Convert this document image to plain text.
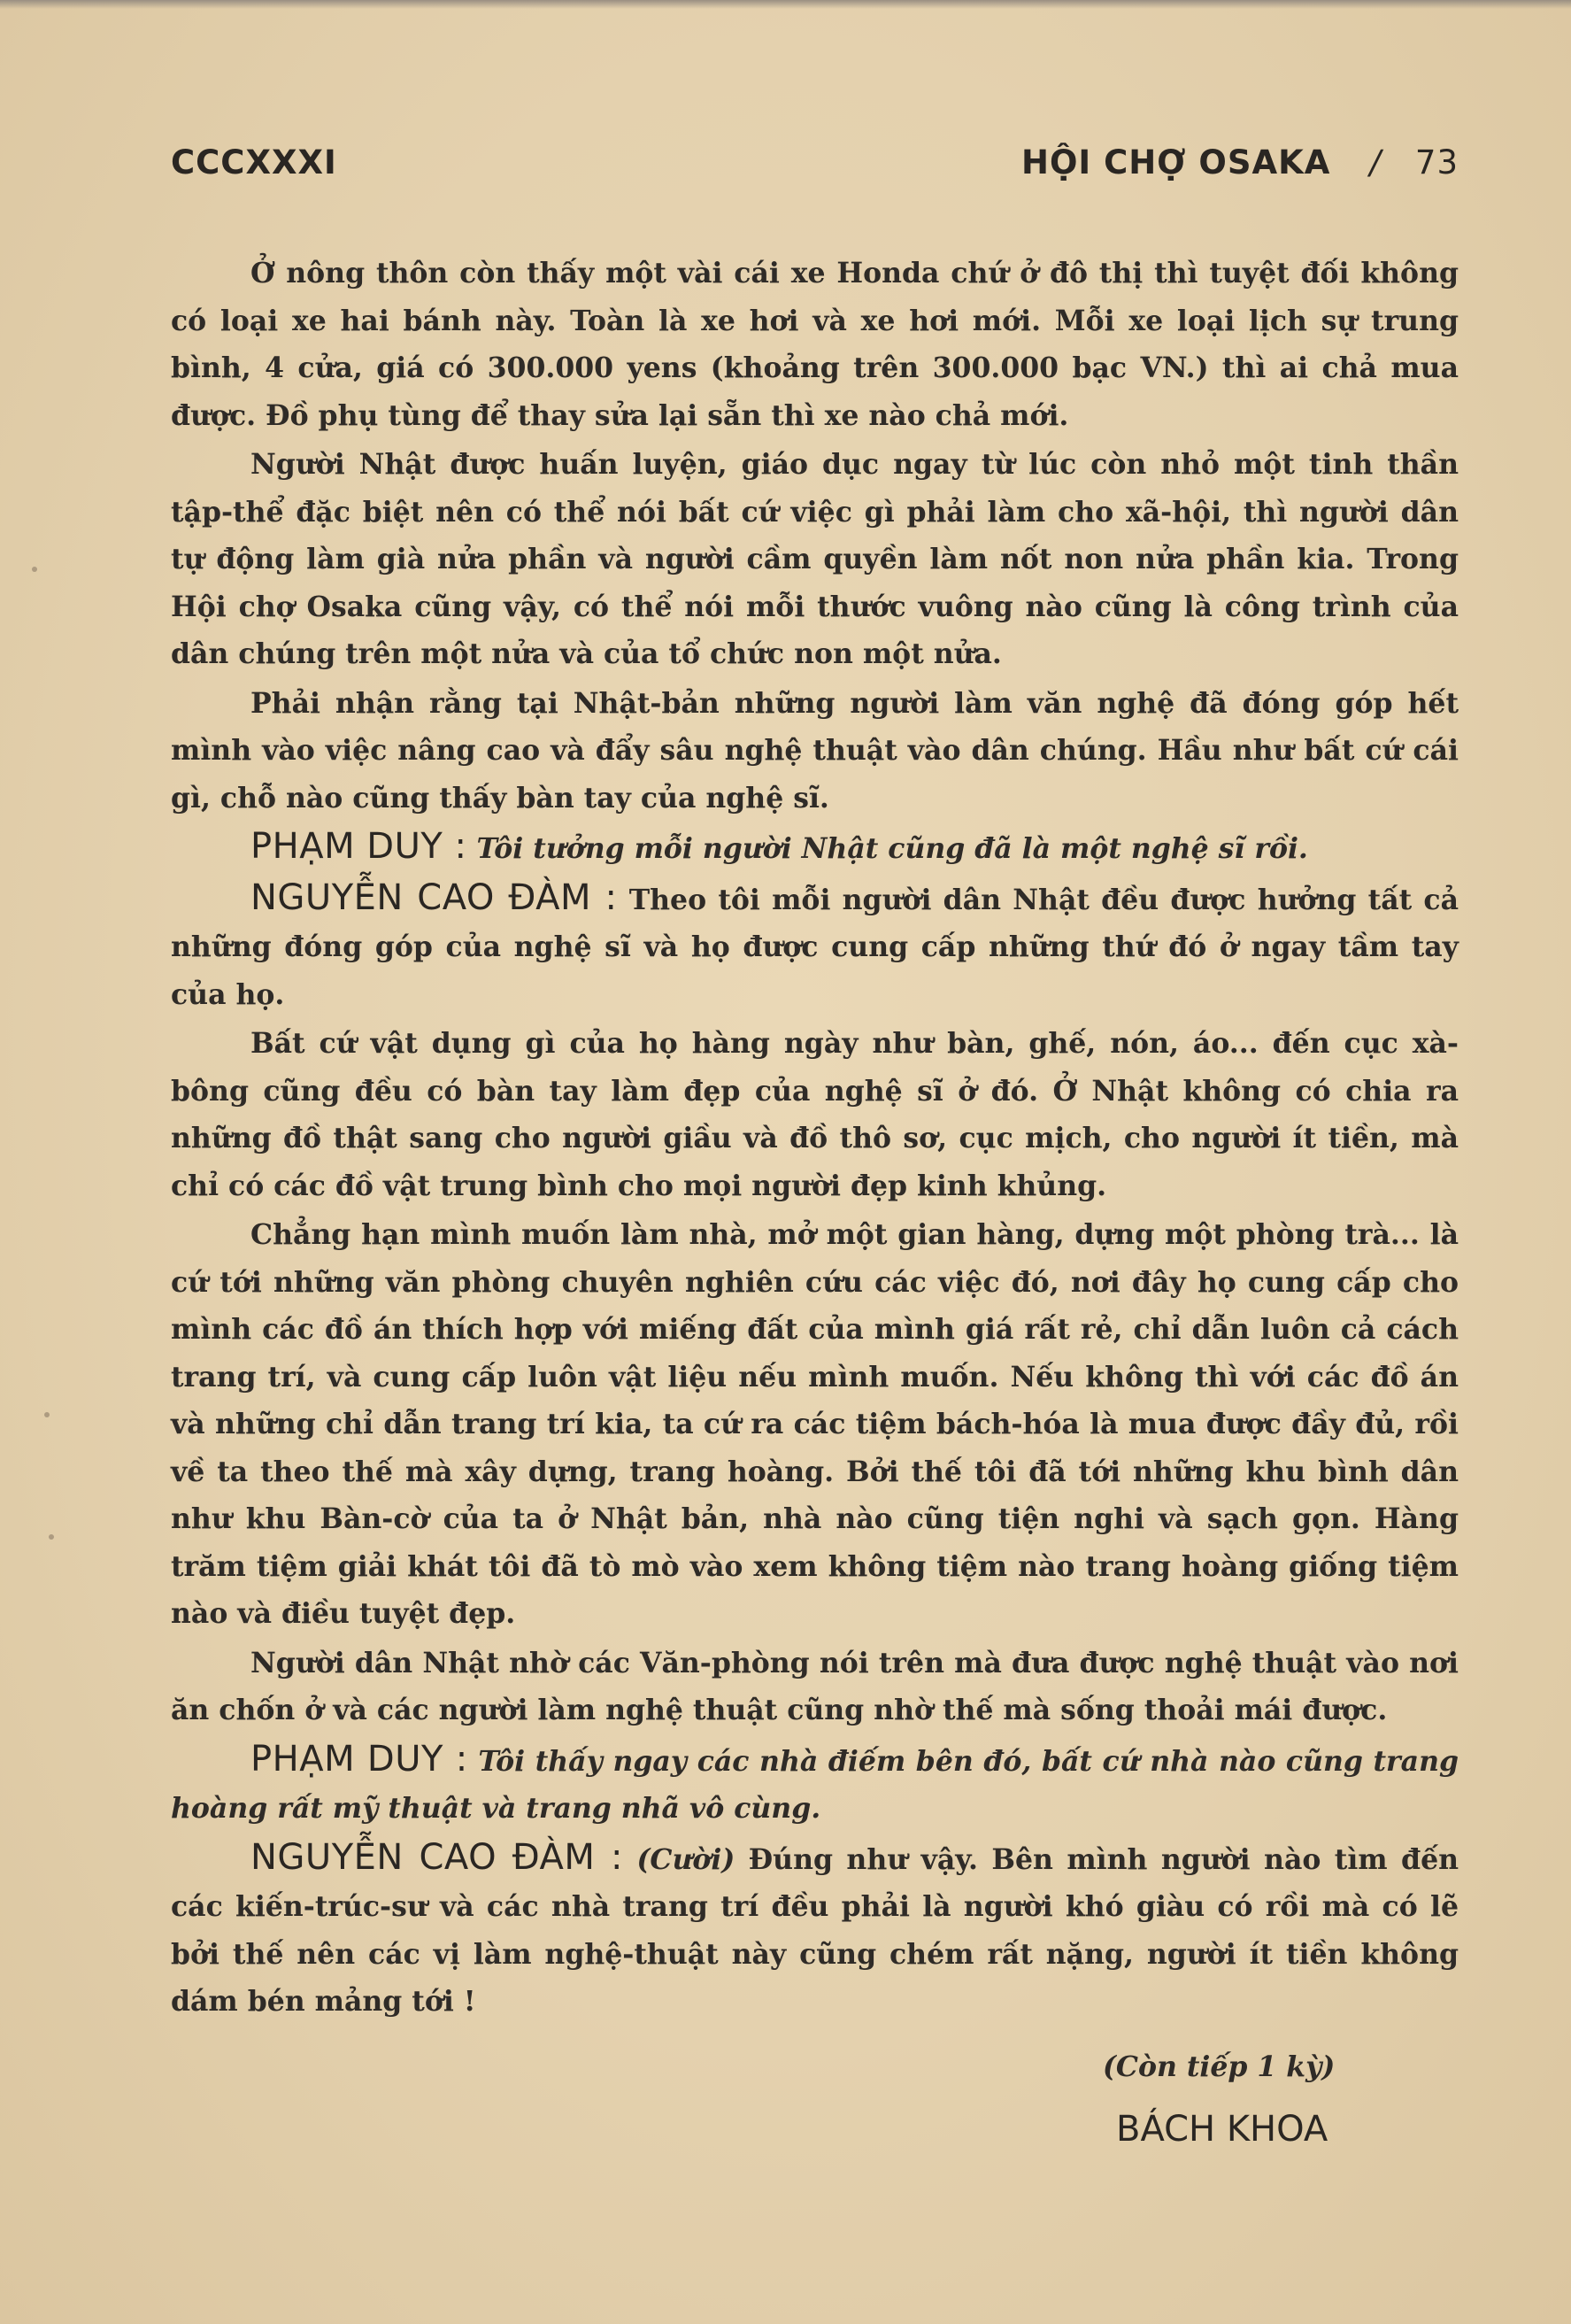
CCCXXXI	HỘI CHỢ OSAKA / 73

Ở nông thôn còn thấy một vài cái xe Honda chứ ở đô thị thì tuyệt đối không có loại xe hai bánh này. Toàn là xe hơi và xe hơi mới. Mỗi xe loại lịch sự trung bình, 4 cửa, giá có 300.000 yens (khoảng trên 300.000 bạc VN.) thì ai chả mua được. Đồ phụ tùng để thay sửa lại sẵn thì xe nào chả mới.

Người Nhật được huấn luyện, giáo dục ngay từ lúc còn nhỏ một tinh thần tập-thể đặc biệt nên có thể nói bất cứ việc gì phải làm cho xã-hội, thì người dân tự động làm già nửa phần và người cầm quyền làm nốt non nửa phần kia. Trong Hội chợ Osaka cũng vậy, có thể nói mỗi thước vuông nào cũng là công trình của dân chúng trên một nửa và của tổ chức non một nửa.

Phải nhận rằng tại Nhật-bản những người làm văn nghệ đã đóng góp hết mình vào việc nâng cao và đẩy sâu nghệ thuật vào dân chúng. Hầu như bất cứ cái gì, chỗ nào cũng thấy bàn tay của nghệ sĩ.

PHẠM DUY : Tôi tưởng mỗi người Nhật cũng đã là một nghệ sĩ rồi.

NGUYỄN CAO ĐÀM : Theo tôi mỗi người dân Nhật đều được hưởng tất cả những đóng góp của nghệ sĩ và họ được cung cấp những thứ đó ở ngay tầm tay của họ.

Bất cứ vật dụng gì của họ hàng ngày như bàn, ghế, nón, áo... đến cục xà-bông cũng đều có bàn tay làm đẹp của nghệ sĩ ở đó. Ở Nhật không có chia ra những đồ thật sang cho người giầu và đồ thô sơ, cục mịch, cho người ít tiền, mà chỉ có các đồ vật trung bình cho mọi người đẹp kinh khủng.

Chẳng hạn mình muốn làm nhà, mở một gian hàng, dựng một phòng trà... là cứ tới những văn phòng chuyên nghiên cứu các việc đó, nơi đây họ cung cấp cho mình các đồ án thích hợp với miếng đất của mình giá rất rẻ, chỉ dẫn luôn cả cách trang trí, và cung cấp luôn vật liệu nếu mình muốn. Nếu không thì với các đồ án và những chỉ dẫn trang trí kia, ta cứ ra các tiệm bách-hóa là mua được đầy đủ, rồi về ta theo thế mà xây dựng, trang hoàng. Bởi thế tôi đã tới những khu bình dân như khu Bàn-cờ của ta ở Nhật bản, nhà nào cũng tiện nghi và sạch gọn. Hàng trăm tiệm giải khát tôi đã tò mò vào xem không tiệm nào trang hoàng giống tiệm nào và điều tuyệt đẹp.

Người dân Nhật nhờ các Văn-phòng nói trên mà đưa được nghệ thuật vào nơi ăn chốn ở và các người làm nghệ thuật cũng nhờ thế mà sống thoải mái được.

PHẠM DUY : Tôi thấy ngay các nhà điếm bên đó, bất cứ nhà nào cũng trang hoàng rất mỹ thuật và trang nhã vô cùng.

NGUYỄN CAO ĐÀM : (Cười) Đúng như vậy. Bên mình người nào tìm đến các kiến-trúc-sư và các nhà trang trí đều phải là người khó giàu có rồi mà có lẽ bởi thế nên các vị làm nghệ-thuật này cũng chém rất nặng, người ít tiền không dám bén mảng tới !

(Còn tiếp 1 kỳ)
BÁCH KHOA
